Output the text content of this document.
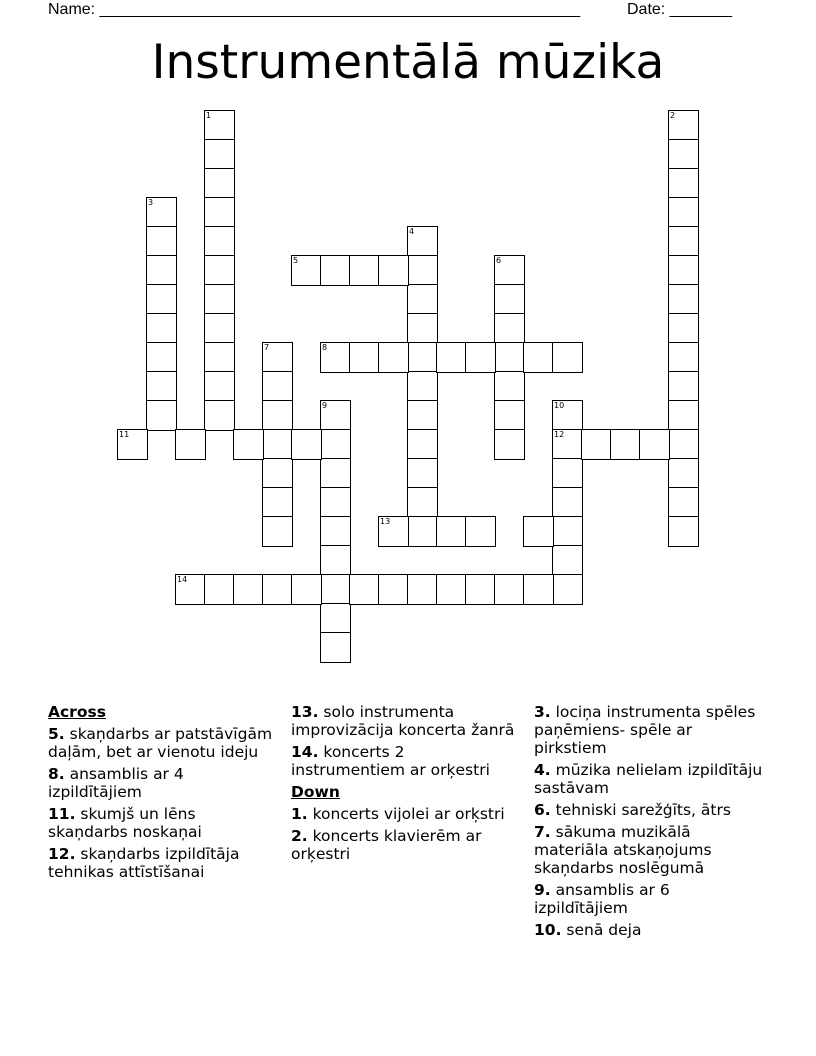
Name: ______________________________________________________	Date: _______
Instrumentālā mūzika
1	2
3
4
5	6
7	8
9	10
12
11
13
14
Across
5. skaņdarbs ar patstāvīgām daļām, bet ar vienotu ideju
8. ansamblis ar 4 izpildītājiem
11. skumjš un lēns skaņdarbs noskaņai
12. skaņdarbs izpildītāja tehnikas attīstīšanai
13. solo instrumenta improvizācija koncerta žanrā
14. koncerts 2 instrumentiem ar orķestri
Down
1. koncerts vijolei ar orķstri
2. koncerts klavierēm ar orķestri
3. lociņa instrumenta spēles paņēmiens- spēle ar pirkstiem
4. mūzika nelielam izpildītāju sastāvam
6. tehniski sarežģīts, ātrs
7. sākuma muzikālā materiāla atskaņojums skaņdarbs noslēgumā
9. ansamblis ar 6 izpildītājiem
10. senā deja
